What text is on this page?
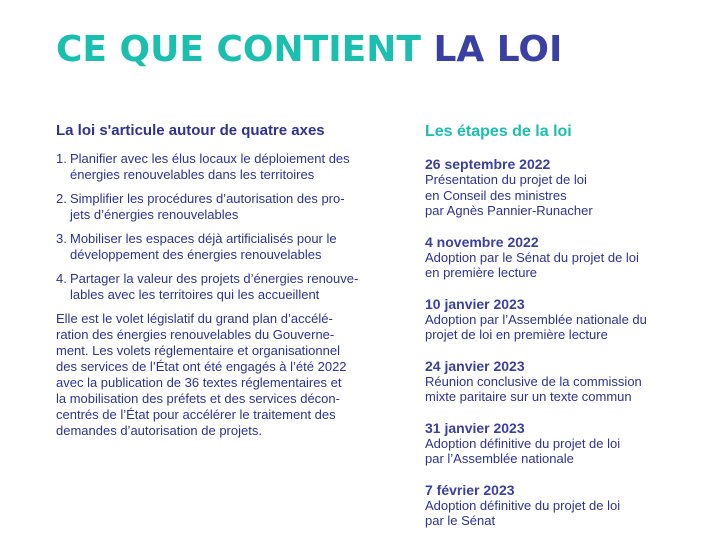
CE QUE CONTIENT LA LOI
La loi s'articule autour de quatre axes
1. Planifier avec les élus locaux le déploiement des
énergies renouvelables dans les territoires
2. Simplifier les procédures d’autorisation des pro-
jets d’énergies renouvelables
3. Mobiliser les espaces déjà artificialisés pour le
développement des énergies renouvelables
4. Partager la valeur des projets d’énergies renouve-
lables avec les territoires qui les accueillent

Elle est le volet législatif du grand plan d’accélé-
ration des énergies renouvelables du Gouverne-
ment. Les volets réglementaire et organisationnel
des services de l’État ont été engagés à l’été 2022
avec la publication de 36 textes réglementaires et
la mobilisation des préfets et des services décon-
centrés de l’État pour accélérer le traitement des
demandes d’autorisation de projets.

Les étapes de la loi
26 septembre 2022
Présentation du projet de loi
en Conseil des ministres
par Agnès Pannier-Runacher
4 novembre 2022
Adoption par le Sénat du projet de loi
en première lecture
10 janvier 2023
Adoption par l’Assemblée nationale du
projet de loi en première lecture
24 janvier 2023
Réunion conclusive de la commission
mixte paritaire sur un texte commun
31 janvier 2023
Adoption définitive du projet de loi
par l’Assemblée nationale
7 février 2023
Adoption définitive du projet de loi
par le Sénat
